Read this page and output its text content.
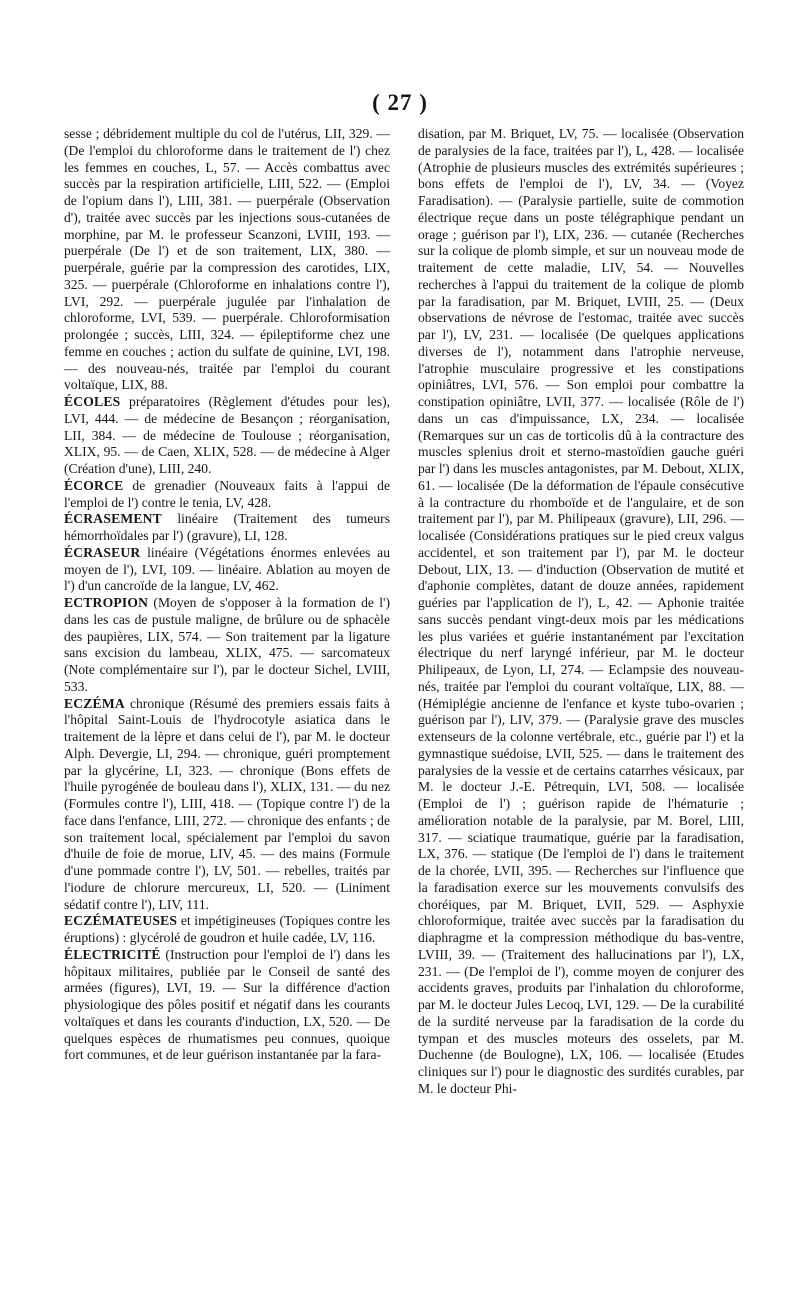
( 27 )

sesse ; débridement multiple du col de l'utérus, LII, 329. — (De l'emploi du chloroforme dans le traitement de l') chez les femmes en couches, L, 57. — Accès combattus avec succès par la respiration artificielle, LIII, 522. — (Emploi de l'opium dans l'), LIII, 381. — puerpérale (Observation d'), traitée avec succès par les injections sous-cutanées de morphine, par M. le professeur Scanzoni, LVIII, 193. — puerpérale (De l') et de son traitement, LIX, 380. — puerpérale, guérie par la compression des carotides, LIX, 325. — puerpérale (Chloroforme en inhalations contre l'), LVI, 292. — puerpérale jugulée par l'inhalation de chloroforme, LVI, 539. — puerpérale. Chloroformisation prolongée ; succès, LIII, 324. — épileptiforme chez une femme en couches ; action du sulfate de quinine, LVI, 198. — des nouveau-nés, traitée par l'emploi du courant voltaïque, LIX, 88.

ÉCOLES préparatoires (Règlement d'études pour les), LVI, 444. — de médecine de Besançon ; réorganisation, LII, 384. — de médecine de Toulouse ; réorganisation, XLIX, 95. — de Caen, XLIX, 528. — de médecine à Alger (Création d'une), LIII, 240.

ÉCORCE de grenadier (Nouveaux faits à l'appui de l'emploi de l') contre le tenia, LV, 428.

ÉCRASEMENT linéaire (Traitement des tumeurs hémorrhoïdales par l') (gravure), LI, 128.

ÉCRASEUR linéaire (Végétations énormes enlevées au moyen de l'), LVI, 109. — linéaire. Ablation au moyen de l') d'un cancroïde de la langue, LV, 462.

ECTROPION (Moyen de s'opposer à la formation de l') dans les cas de pustule maligne, de brûlure ou de sphacèle des paupières, LIX, 574. — Son traitement par la ligature sans excision du lambeau, XLIX, 475. — sarcomateux (Note complémentaire sur l'), par le docteur Sichel, LVIII, 533.

ECZÉMA chronique (Résumé des premiers essais faits à l'hôpital Saint-Louis de l'hydrocotyle asiatica dans le traitement de la lèpre et dans celui de l'), par M. le docteur Alph. Devergie, LI, 294. — chronique, guéri promptement par la glycérine, LI, 323. — chronique (Bons effets de l'huile pyrogénée de bouleau dans l'), XLIX, 131. — du nez (Formules contre l'), LIII, 418. — (Topique contre l') de la face dans l'enfance, LIII, 272. — chronique des enfants ; de son traitement local, spécialement par l'emploi du savon d'huile de foie de morue, LIV, 45. — des mains (Formule d'une pommade contre l'), LV, 501. — rebelles, traités par l'iodure de chlorure mercureux, LI, 520. — (Liniment sédatif contre l'), LIV, 111.

ECZÉMATEUSES et impétigineuses (Topiques contre les éruptions) : glycérolé de goudron et huile cadée, LV, 116.

ÉLECTRICITÉ (Instruction pour l'emploi de l') dans les hôpitaux militaires, publiée par le Conseil de santé des armées (figures), LVI, 19. — Sur la différence d'action physiologique des pôles positif et négatif dans les courants voltaïques et dans les courants d'induction, LX, 520. — De quelques espèces de rhumatismes peu connues, quoique fort communes, et de leur guérison instantanée par la fara-

disation, par M. Briquet, LV, 75. — localisée (Observation de paralysies de la face, traitées par l'), L, 428. — localisée (Atrophie de plusieurs muscles des extrémités supérieures ; bons effets de l'emploi de l'), LV, 34. — (Voyez Faradisation). — (Paralysie partielle, suite de commotion électrique reçue dans un poste télégraphique pendant un orage ; guérison par l'), LIX, 236. — cutanée (Recherches sur la colique de plomb simple, et sur un nouveau mode de traitement de cette maladie, LIV, 54. — Nouvelles recherches à l'appui du traitement de la colique de plomb par la faradisation, par M. Briquet, LVIII, 25. — (Deux observations de névrose de l'estomac, traitée avec succès par l'), LV, 231. — localisée (De quelques applications diverses de l'), notamment dans l'atrophie nerveuse, l'atrophie musculaire progressive et les constipations opiniâtres, LVI, 576. — Son emploi pour combattre la constipation opiniâtre, LVII, 377. — localisée (Rôle de l') dans un cas d'impuissance, LX, 234. — localisée (Remarques sur un cas de torticolis dû à la contracture des muscles splenius droit et sterno-mastoïdien gauche guéri par l') dans les muscles antagonistes, par M. Debout, XLIX, 61. — localisée (De la déformation de l'épaule consécutive à la contracture du rhomboïde et de l'angulaire, et de son traitement par l'), par M. Philipeaux (gravure), LII, 296. — localisée (Considérations pratiques sur le pied creux valgus accidentel, et son traitement par l'), par M. le docteur Debout, LIX, 13. — d'induction (Observation de mutité et d'aphonie complètes, datant de douze années, rapidement guéries par l'application de l'), L, 42. — Aphonie traitée sans succès pendant vingt-deux mois par les médications les plus variées et guérie instantanément par l'excitation électrique du nerf laryngé inférieur, par M. le docteur Philipeaux, de Lyon, LI, 274. — Eclampsie des nouveau-nés, traitée par l'emploi du courant voltaïque, LIX, 88. — (Hémiplégie ancienne de l'enfance et kyste tubo-ovarien ; guérison par l'), LIV, 379. — (Paralysie grave des muscles extenseurs de la colonne vertébrale, etc., guérie par l') et la gymnastique suédoise, LVII, 525. — dans le traitement des paralysies de la vessie et de certains catarrhes vésicaux, par M. le docteur J.-E. Pétrequin, LVI, 508. — localisée (Emploi de l') ; guérison rapide de l'hématurie ; amélioration notable de la paralysie, par M. Borel, LIII, 317. — sciatique traumatique, guérie par la faradisation, LX, 376. — statique (De l'emploi de l') dans le traitement de la chorée, LVII, 395. — Recherches sur l'influence que la faradisation exerce sur les mouvements convulsifs des choréiques, par M. Briquet, LVII, 529. — Asphyxie chloroformique, traitée avec succès par la faradisation du diaphragme et la compression méthodique du bas-ventre, LVIII, 39. — (Traitement des hallucinations par l'), LX, 231. — (De l'emploi de l'), comme moyen de conjurer des accidents graves, produits par l'inhalation du chloroforme, par M. le docteur Jules Lecoq, LVI, 129. — De la curabilité de la surdité nerveuse par la faradisation de la corde du tympan et des muscles moteurs des osselets, par M. Duchenne (de Boulogne), LX, 106. — localisée (Etudes cliniques sur l') pour le diagnostic des surdités curables, par M. le docteur Phi-
